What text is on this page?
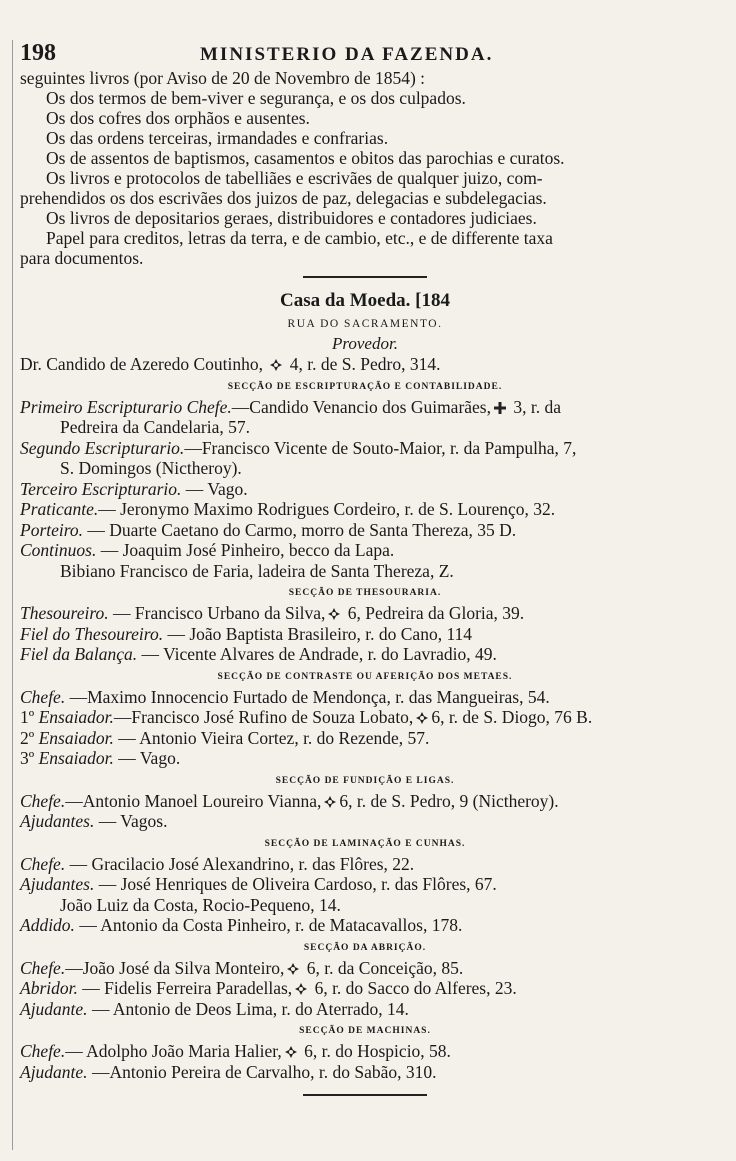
198	MINISTERIO DA FAZENDA.

seguintes livros (por Aviso de 20 de Novembro de 1854) :

Os dos termos de bem-viver e segurança, e os dos culpados.

Os dos cofres dos orphãos e ausentes.

Os das ordens terceiras, irmandades e confrarias.

Os de assentos de baptismos, casamentos e obitos das parochias e curatos.

Os livros e protocolos de tabelliães e escrivães de qualquer juizo, com-

prehendidos os dos escrivães dos juizos de paz, delegacias e subdelegacias.

Os livros de depositarios geraes, distribuidores e contadores judiciaes.

Papel para creditos, letras da terra, e de cambio, etc., e de differente taxa

para documentos.

Casa da Moeda. [184
RUA DO SACRAMENTO.
Provedor.

Dr. Candido de Azeredo Coutinho,  4, r. de S. Pedro, 314.

SECÇÃO DE ESCRIPTURAÇÃO E CONTABILIDADE.

Primeiro Escripturario Chefe.—Candido Venancio dos Guimarães, 3, r. da

Pedreira da Candelaria, 57.

Segundo Escripturario.—Francisco Vicente de Souto-Maior, r. da Pampulha, 7,

S. Domingos (Nictheroy).

Terceiro Escripturario. — Vago.

Praticante.— Jeronymo Maximo Rodrigues Cordeiro, r. de S. Lourenço, 32.

Porteiro. — Duarte Caetano do Carmo, morro de Santa Thereza, 35 D.

Continuos. — Joaquim José Pinheiro, becco da Lapa.

Bibiano Francisco de Faria, ladeira de Santa Thereza, Z.

SECÇÃO DE THESOURARIA.

Thesoureiro. — Francisco Urbano da Silva, 6, Pedreira da Gloria, 39.

Fiel do Thesoureiro. — João Baptista Brasileiro, r. do Cano, 114

Fiel da Balança. — Vicente Alvares de Andrade, r. do Lavradio, 49.

SECÇÃO DE CONTRASTE OU AFERIÇÃO DOS METAES.

Chefe. —Maximo Innocencio Furtado de Mendonça, r. das Mangueiras, 54.

1º Ensaiador.—Francisco José Rufino de Souza Lobato, 6, r. de S. Diogo, 76 B.

2º Ensaiador. — Antonio Vieira Cortez, r. do Rezende, 57.

3º Ensaiador. — Vago.

SECÇÃO DE FUNDIÇÃO E LIGAS.

Chefe.—Antonio Manoel Loureiro Vianna, 6, r. de S. Pedro, 9 (Nictheroy).

Ajudantes. — Vagos.

SECÇÃO DE LAMINAÇÃO E CUNHAS.

Chefe. — Gracilacio José Alexandrino, r. das Flôres, 22.

Ajudantes. — José Henriques de Oliveira Cardoso, r. das Flôres, 67.

João Luiz da Costa, Rocio-Pequeno, 14.

Addido. — Antonio da Costa Pinheiro, r. de Matacavallos, 178.

SECÇÃO DA ABRIÇÃO.

Chefe.—João José da Silva Monteiro, 6, r. da Conceição, 85.

Abridor. — Fidelis Ferreira Paradellas, 6, r. do Sacco do Alferes, 23.

Ajudante. — Antonio de Deos Lima, r. do Aterrado, 14.

SECÇÃO DE MACHINAS.

Chefe.— Adolpho João Maria Halier, 6, r. do Hospicio, 58.

Ajudante. —Antonio Pereira de Carvalho, r. do Sabão, 310.
